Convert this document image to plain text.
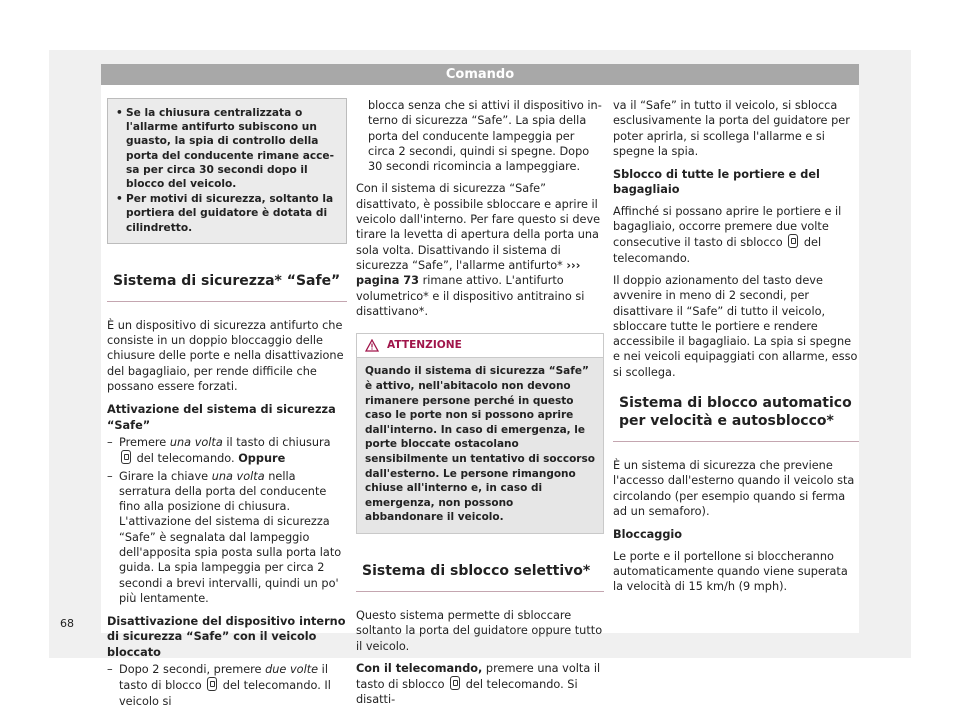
Comando
• Se la chiusura centralizzata o l'allarme antifurto subiscono un guasto, la spia di controllo della porta del conducente rimane accesa per circa 30 secondi dopo il blocco del veicolo.
• Per motivi di sicurezza, soltanto la portiera del guidatore è dotata di cilindretto.
Sistema di sicurezza* “Safe”

È un dispositivo di sicurezza antifurto che consiste in un doppio bloccaggio delle chiusure delle porte e nella disattivazione del bagagliaio, per rende difficile che possano essere forzati.

Attivazione del sistema di sicurezza “Safe”
– Premere una volta il tasto di chiusura  del telecomando. Oppure
– Girare la chiave una volta nella serratura della porta del conducente fino alla posizione di chiusura. L'attivazione del sistema di sicurezza “Safe” è segnalata dal lampeggio dell'apposita spia posta sulla porta lato guida. La spia lampeggia per circa 2 secondi a brevi intervalli, quindi un po' più lentamente.
Disattivazione del dispositivo interno di sicurezza “Safe” con il veicolo bloccato
– Dopo 2 secondi, premere due volte il tasto di blocco  del telecomando. Il veicolo si

blocca senza che si attivi il dispositivo interno di sicurezza “Safe”. La spia della porta del conducente lampeggia per circa 2 secondi, quindi si spegne. Dopo 30 secondi ricomincia a lampeggiare.

Con il sistema di sicurezza “Safe” disattivato, è possibile sbloccare e aprire il veicolo dall'interno. Per fare questo si deve tirare la levetta di apertura della porta una sola volta. Disattivando il sistema di sicurezza “Safe”, l'allarme antifurto* ››› pagina 73 rimane attivo. L'antifurto volumetrico* e il dispositivo antitraino si disattivano*.

ATTENZIONE
Quando il sistema di sicurezza “Safe” è attivo, nell'abitacolo non devono rimanere persone perché in questo caso le porte non si possono aprire dall'interno. In caso di emergenza, le porte bloccate ostacolano sensibilmente un tentativo di soccorso dall'esterno. Le persone rimangono chiuse all'interno e, in caso di emergenza, non possono abbandonare il veicolo.
Sistema di sblocco selettivo*

Questo sistema permette di sbloccare soltanto la porta del guidatore oppure tutto il veicolo.

Con il telecomando, premere una volta il tasto di sblocco  del telecomando. Si disatti-

va il “Safe” in tutto il veicolo, si sblocca esclusivamente la porta del guidatore per poter aprirla, si scollega l'allarme e si spegne la spia.

Sblocco di tutte le portiere e del bagagliaio

Affinché si possano aprire le portiere e il bagagliaio, occorre premere due volte consecutive il tasto di sblocco  del telecomando.

Il doppio azionamento del tasto deve avvenire in meno di 2 secondi, per disattivare il “Safe” di tutto il veicolo, sbloccare tutte le portiere e rendere accessibile il bagagliaio. La spia si spegne e nei veicoli equipaggiati con allarme, esso si scollega.

Sistema di blocco automatico per velocità e autosblocco*

È un sistema di sicurezza che previene l'accesso dall'esterno quando il veicolo sta circolando (per esempio quando si ferma ad un semaforo).

Bloccaggio

Le porte e il portellone si bloccheranno automaticamente quando viene superata la velocità di 15 km/h (9 mph).

68
